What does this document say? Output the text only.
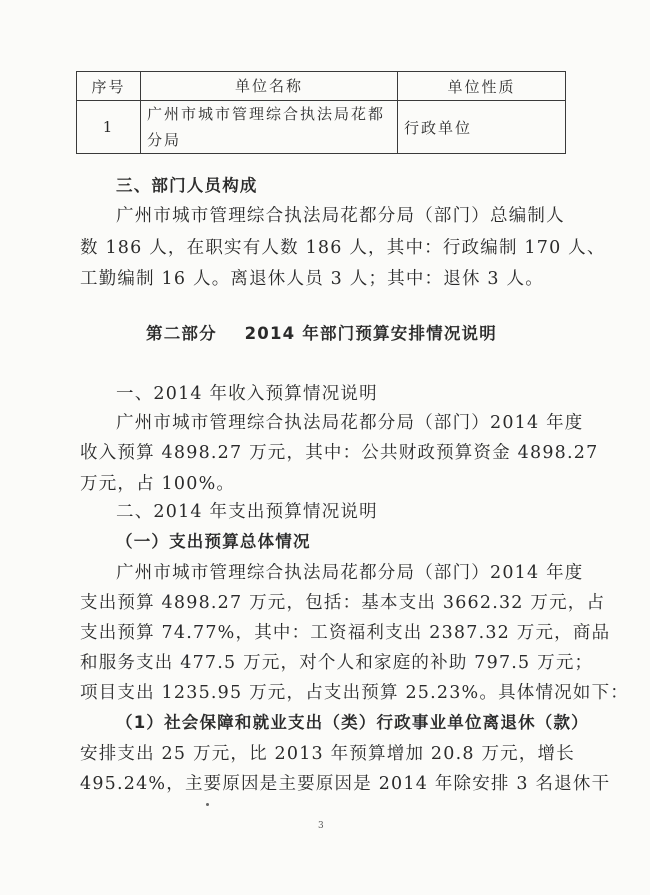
序号	单位名称	单位性质
1	广州市城市管理综合执法局花都分局	行政单位
三、部门人员构成
广州市城市管理综合执法局花都分局（部门）总编制人
数 186 人，在职实有人数 186 人，其中：行政编制 170 人、
工勤编制 16 人。离退休人员 3 人；其中：退休 3 人。
第二部分    2014 年部门预算安排情况说明
一、2014 年收入预算情况说明
广州市城市管理综合执法局花都分局（部门）2014 年度
收入预算 4898.27 万元，其中：公共财政预算资金 4898.27
万元，占 100%。
二、2014 年支出预算情况说明
（一）支出预算总体情况
广州市城市管理综合执法局花都分局（部门）2014 年度
支出预算 4898.27 万元，包括：基本支出 3662.32 万元，占
支出预算 74.77%，其中：工资福利支出 2387.32 万元，商品
和服务支出 477.5 万元，对个人和家庭的补助 797.5 万元；
项目支出 1235.95 万元，占支出预算 25.23%。具体情况如下：
（1）社会保障和就业支出（类）行政事业单位离退休（款）
安排支出 25 万元，比 2013 年预算增加 20.8 万元，增长
495.24%，主要原因是主要原因是 2014 年除安排 3 名退休干
3
